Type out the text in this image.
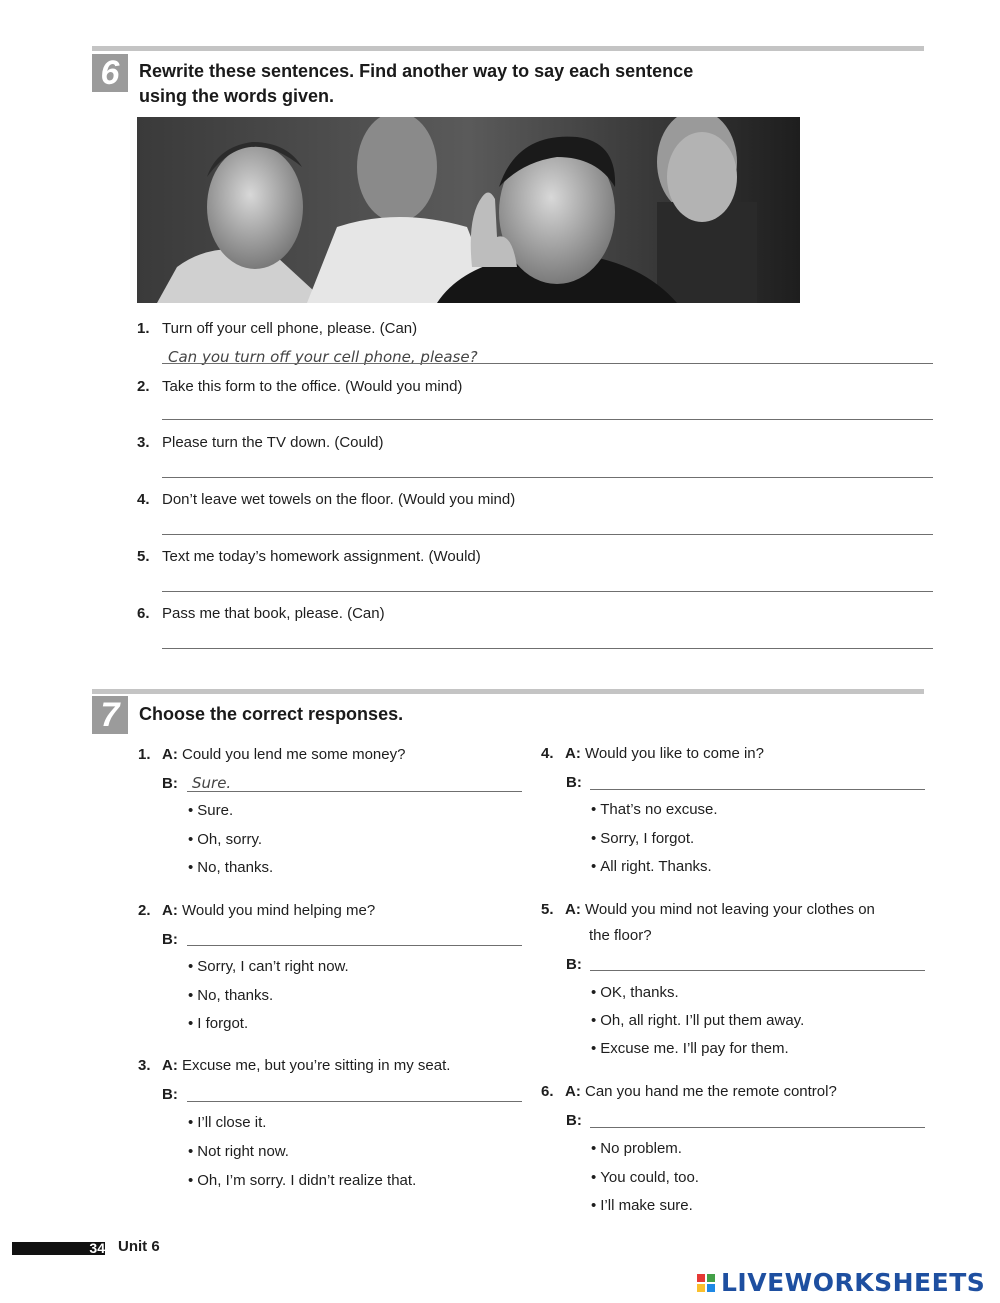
6	Rewrite these sentences. Find another way to say each sentence
using the words given.
1. Turn off your cell phone, please. (Can)
Can you turn off your cell phone, please?
2. Take this form to the office. (Would you mind)
3. Please turn the TV down. (Could)
4. Don’t leave wet towels on the floor. (Would you mind)
5. Text me today’s homework assignment. (Would)
6. Pass me that book, please. (Can)
7	Choose the correct responses.
1. A: Could you lend me some money?
B: Sure.
• Sure.
• Oh, sorry.
• No, thanks.
2. A: Would you mind helping me?
B:
• Sorry, I can’t right now.
• No, thanks.
• I forgot.
3. A: Excuse me, but you’re sitting in my seat.
B:
• I’ll close it.
• Not right now.
• Oh, I’m sorry. I didn’t realize that.
4. A: Would you like to come in?
B:
• That’s no excuse.
• Sorry, I forgot.
• All right. Thanks.
5. A: Would you mind not leaving your clothes on
the floor?
B:
• OK, thanks.
• Oh, all right. I’ll put them away.
• Excuse me. I’ll pay for them.
6. A: Can you hand me the remote control?
B:
• No problem.
• You could, too.
• I’ll make sure.
34 Unit 6
LIVEWORKSHEETS
